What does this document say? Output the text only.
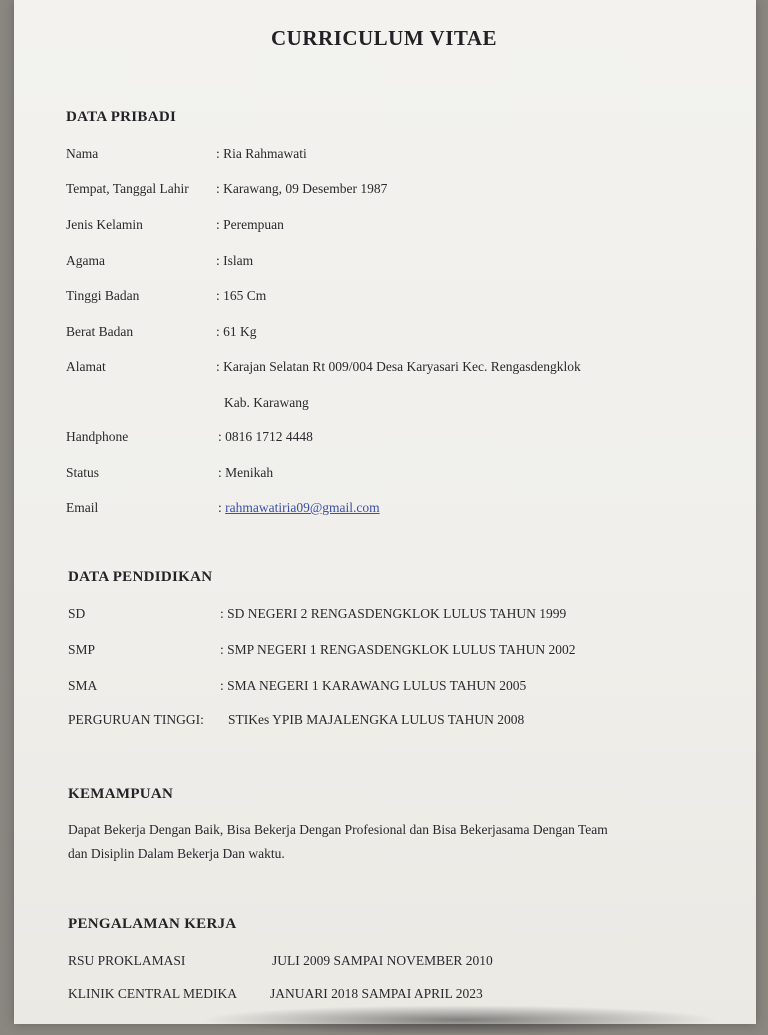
CURRICULUM VITAE
DATA PRIBADI
Nama	: Ria Rahmawati
Tempat, Tanggal Lahir : Karawang, 09 Desember 1987
Jenis Kelamin	: Perempuan
Agama	: Islam
Tinggi Badan	: 165 Cm
Berat Badan	: 61 Kg
Alamat	: Karajan Selatan Rt 009/004 Desa Karyasari Kec. Rengasdengklok
Kab. Karawang
Handphone	: 0816 1712 4448
Status	: Menikah
Email	: rahmawatiria09@gmail.com
DATA PENDIDIKAN
SD	: SD NEGERI 2 RENGASDENGKLOK LULUS TAHUN 1999
SMP	: SMP NEGERI 1 RENGASDENGKLOK LULUS TAHUN 2002
SMA	: SMA NEGERI 1 KARAWANG LULUS TAHUN 2005
PERGURUAN TINGGI: STIKes YPIB MAJALENGKA LULUS TAHUN 2008
KEMAMPUAN
Dapat Bekerja Dengan Baik, Bisa Bekerja Dengan Profesional dan Bisa Bekerjasama Dengan Team
dan Disiplin Dalam Bekerja Dan waktu.
PENGALAMAN KERJA
RSU PROKLAMASI	JULI 2009 SAMPAI NOVEMBER 2010
KLINIK CENTRAL MEDIKA JANUARI 2018 SAMPAI APRIL 2023
